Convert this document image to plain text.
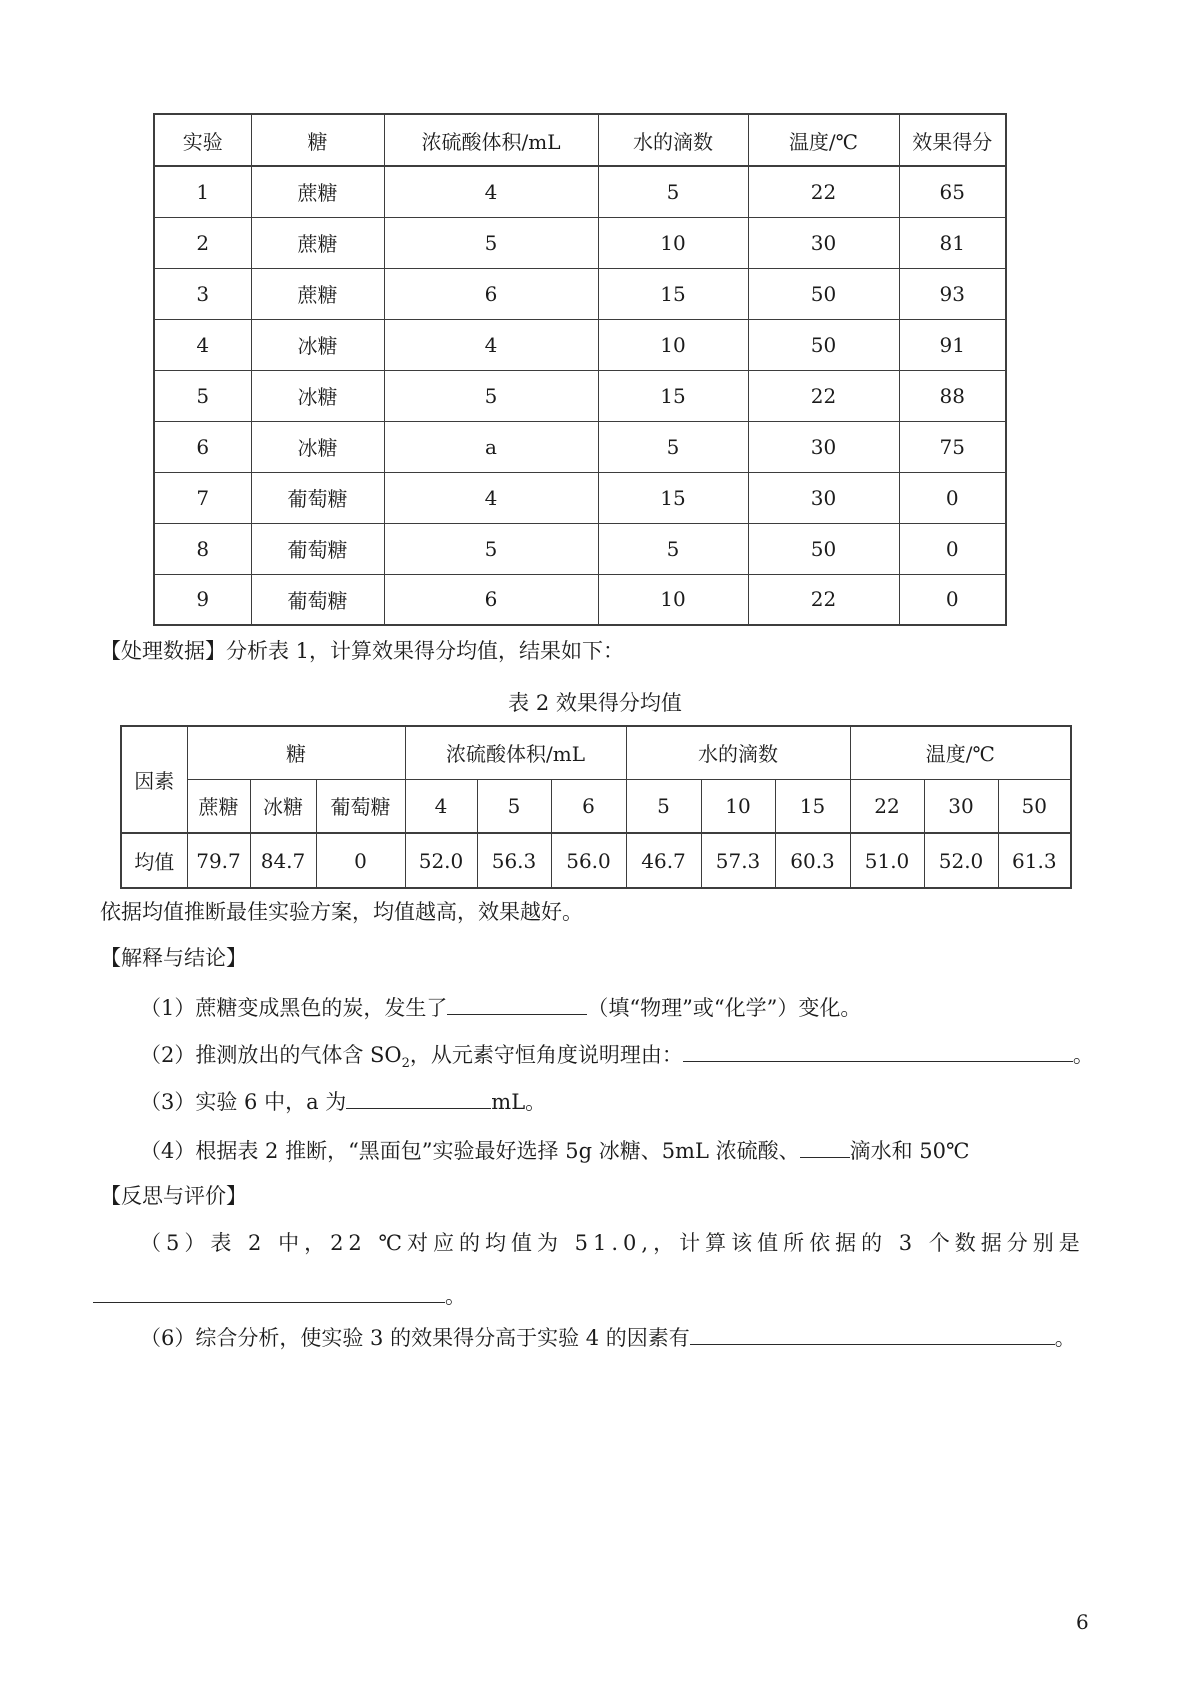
实验	糖	浓硫酸体积/mL	水的滴数	温度/℃	效果得分
1	蔗糖	4	5	22	65
2	蔗糖	5	10	30	81
3	蔗糖	6	15	50	93
4	冰糖	4	10	50	91
5	冰糖	5	15	22	88
6	冰糖	a	5	30	75
7	葡萄糖	4	15	30	0
8	葡萄糖	5	5	50	0
9	葡萄糖	6	10	22	0
【处理数据】分析表 1，计算效果得分均值，结果如下：
表 2 效果得分均值
因素	糖			浓硫酸体积/mL			水的滴数			温度/℃		
	蔗糖	冰糖	葡萄糖	4	5	6	5	10	15	22	30	50
均值	79.7	84.7	0	52.0	56.3	56.0	46.7	57.3	60.3	51.0	52.0	61.3
依据均值推断最佳实验方案，均值越高，效果越好。
【解释与结论】
（1）蔗糖变成黑色的炭，发生了	（填“物理”或“化学”）变化。
（2）推测放出的气体含 $SO_2$，从元素守恒角度说明理由：	。
（3）实验 6 中，a 为	mL。
（4）根据表 2 推断，“黑面包”实验最好选择 5g 冰糖、5mL 浓硫酸、 滴水和 50℃
【反思与评价】
（5）表 2 中，22 ℃对应的均值为 51.0,，计算该值所依据的 3 个数据分别是
。
（6）综合分析，使实验 3 的效果得分高于实验 4 的因素有	。
6
